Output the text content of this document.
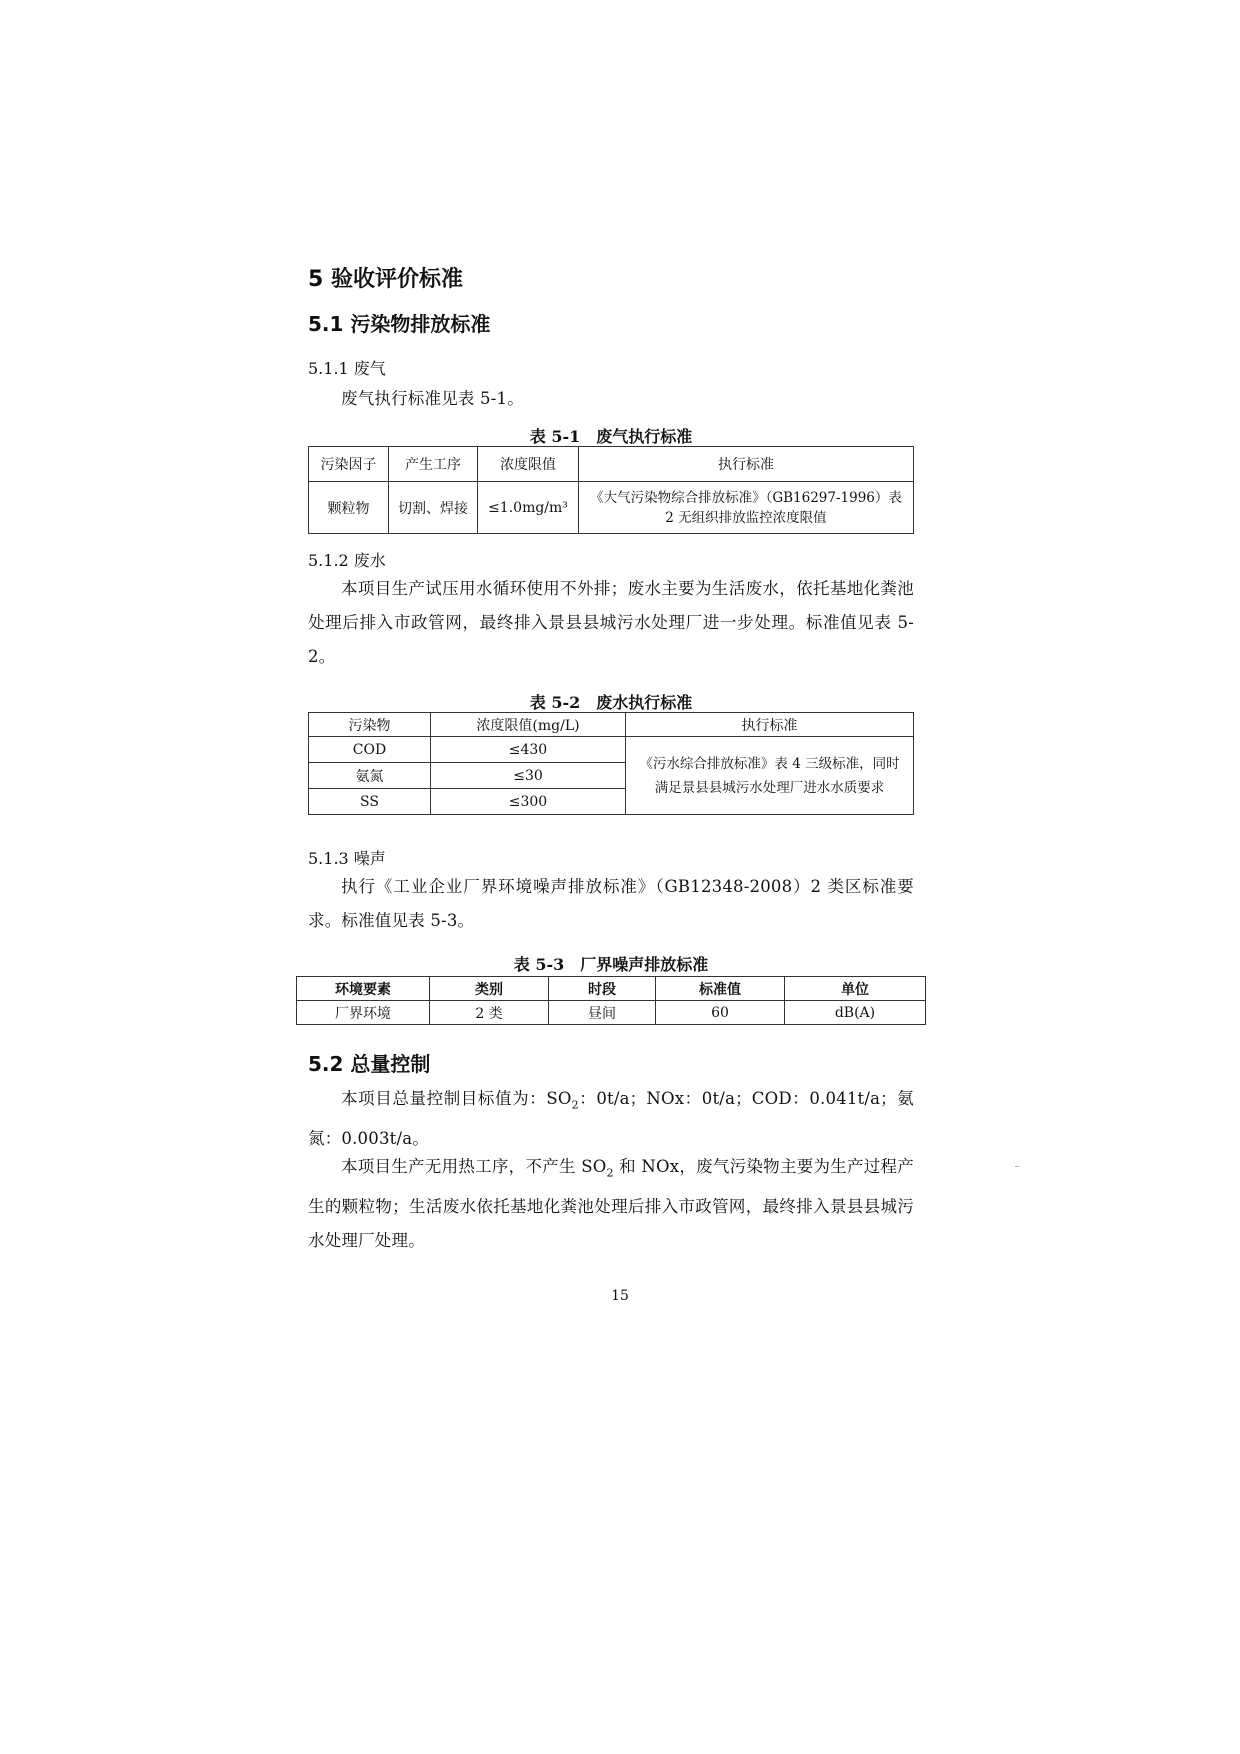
5 验收评价标准
5.1 污染物排放标准
5.1.1 废气
废气执行标准见表 5-1。
表 5-1　废气执行标准
污染因子	产生工序	浓度限值	执行标准
颗粒物	切割、焊接	≤1.0mg/m³	《大气污染物综合排放标准》（GB16297-1996）表
2 无组织排放监控浓度限值
5.1.2 废水
本项目生产试压用水循环使用不外排；废水主要为生活废水，依托基地化粪池处理后排入市政管网，最终排入景县县城污水处理厂进一步处理。标准值见表 5-2。
表 5-2　废水执行标准
污染物	浓度限值(mg/L)	执行标准
COD	≤430	《污水综合排放标准》表 4 三级标准，同时
满足景县县城污水处理厂进水水质要求

氨氮	≤30	
SS	≤300	
5.1.3 噪声
执行《工业企业厂界环境噪声排放标准》（GB12348-2008）2 类区标准要求。标准值见表 5-3。
表 5-3　厂界噪声排放标准
环境要素	类别	时段	标准值	单位
厂界环境	2 类	昼间	60	dB(A)
5.2 总量控制
本项目总量控制目标值为：$SO_2$：0t/a；NOx：0t/a；COD：0.041t/a；氨氮：0.003t/a。
本项目生产无用热工序，不产生 $SO_2$ 和 NOx，废气污染物主要为生产过程产生的颗粒物；生活废水依托基地化粪池处理后排入市政管网，最终排入景县县城污水处理厂处理。
15
